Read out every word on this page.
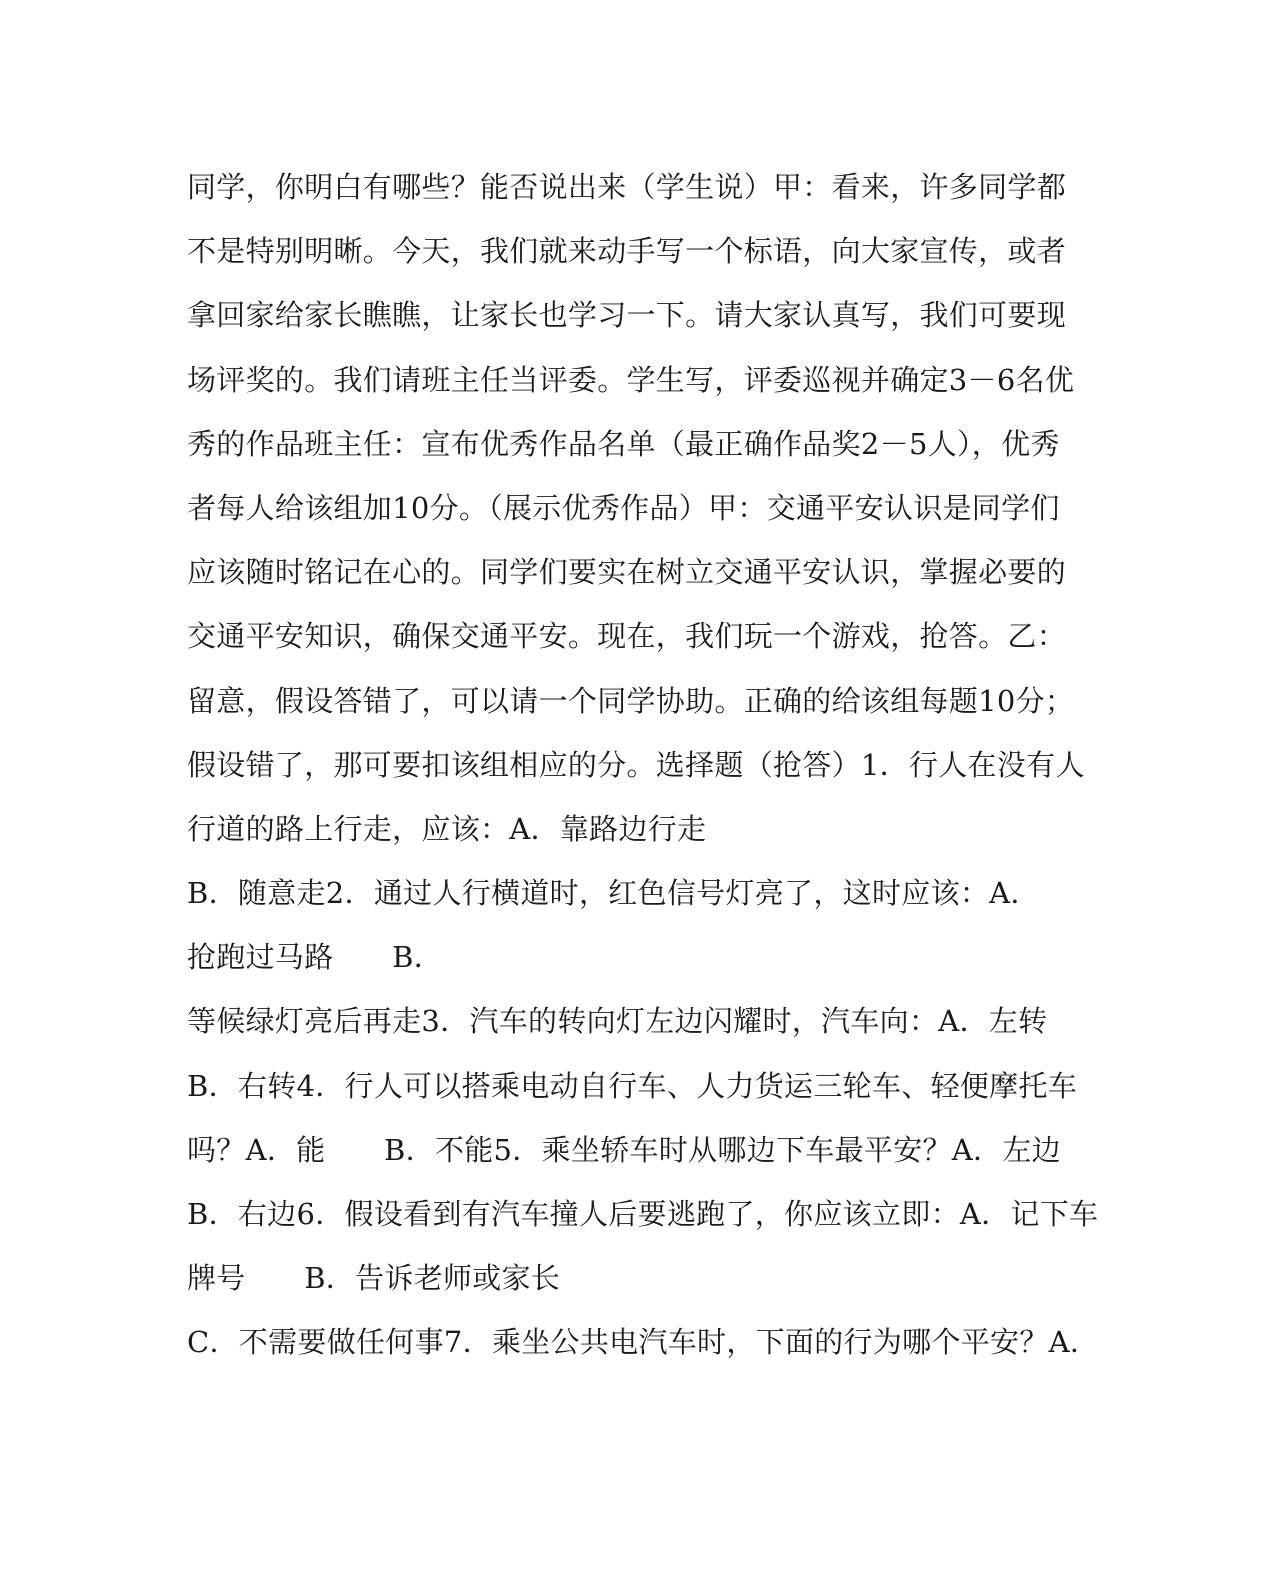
同学，你明白有哪些？能否说出来（学生说）甲：看来，许多同学都
不是特别明晰。今天，我们就来动手写一个标语，向大家宣传，或者
拿回家给家长瞧瞧，让家长也学习一下。请大家认真写，我们可要现
场评奖的。我们请班主任当评委。学生写，评委巡视并确定3－6名优
秀的作品班主任：宣布优秀作品名单（最正确作品奖2－5人），优秀
者每人给该组加10分。（展示优秀作品）甲：交通平安认识是同学们
应该随时铭记在心的。同学们要实在树立交通平安认识，掌握必要的
交通平安知识，确保交通平安。现在，我们玩一个游戏，抢答。乙：
留意，假设答错了，可以请一个同学协助。正确的给该组每题10分；
假设错了，那可要扣该组相应的分。选择题（抢答）1．行人在没有人
行道的路上行走，应该：A．靠路边行走
B．随意走2．通过人行横道时，红色信号灯亮了，这时应该：A．
抢跑过马路　　B．
等候绿灯亮后再走3．汽车的转向灯左边闪耀时，汽车向：A．左转
B．右转4．行人可以搭乘电动自行车、人力货运三轮车、轻便摩托车
吗？A．能　　B．不能5．乘坐轿车时从哪边下车最平安？A．左边
B．右边6．假设看到有汽车撞人后要逃跑了，你应该立即：A．记下车
牌号　　B．告诉老师或家长
C．不需要做任何事7．乘坐公共电汽车时，下面的行为哪个平安？A．
